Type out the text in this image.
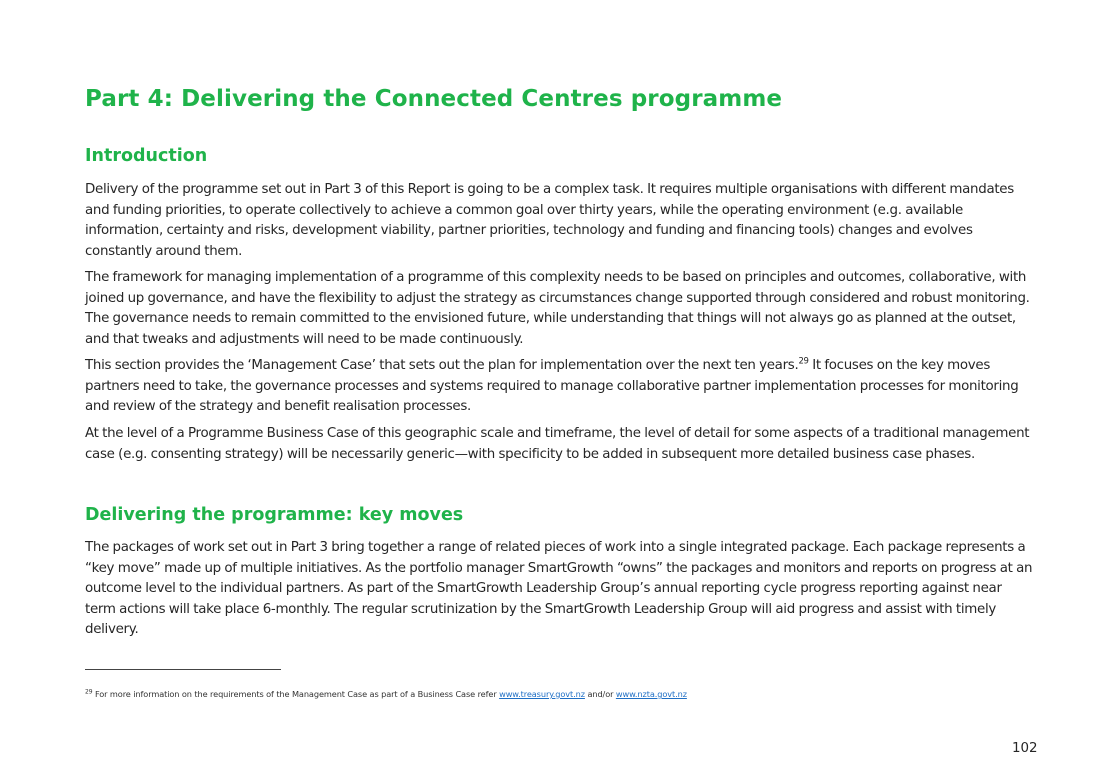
Part 4: Delivering the Connected Centres programme
Introduction

Delivery of the programme set out in Part 3 of this Report is going to be a complex task. It requires multiple organisations with different mandates and funding priorities, to operate collectively to achieve a common goal over thirty years, while the operating environment (e.g. available information, certainty and risks, development viability, partner priorities, technology and funding and financing tools) changes and evolves constantly around them.

The framework for managing implementation of a programme of this complexity needs to be based on principles and outcomes, collaborative, with joined up governance, and have the flexibility to adjust the strategy as circumstances change supported through considered and robust monitoring. The governance needs to remain committed to the envisioned future, while understanding that things will not always go as planned at the outset, and that tweaks and adjustments will need to be made continuously.

This section provides the ‘Management Case’ that sets out the plan for implementation over the next ten years.$^{29}$ It focuses on the key moves partners need to take, the governance processes and systems required to manage collaborative partner implementation processes for monitoring and review of the strategy and benefit realisation processes.

At the level of a Programme Business Case of this geographic scale and timeframe, the level of detail for some aspects of a traditional management case (e.g. consenting strategy) will be necessarily generic—with specificity to be added in subsequent more detailed business case phases.

Delivering the programme: key moves

The packages of work set out in Part 3 bring together a range of related pieces of work into a single integrated package. Each package represents a “key move” made up of multiple initiatives. As the portfolio manager SmartGrowth “owns” the packages and monitors and reports on progress at an outcome level to the individual partners. As part of the SmartGrowth Leadership Group’s annual reporting cycle progress reporting against near term actions will take place 6-monthly. The regular scrutinization by the SmartGrowth Leadership Group will aid progress and assist with timely delivery.

$^{29}$ For more information on the requirements of the Management Case as part of a Business Case refer www.treasury.govt.nz and/or www.nzta.govt.nz

102
